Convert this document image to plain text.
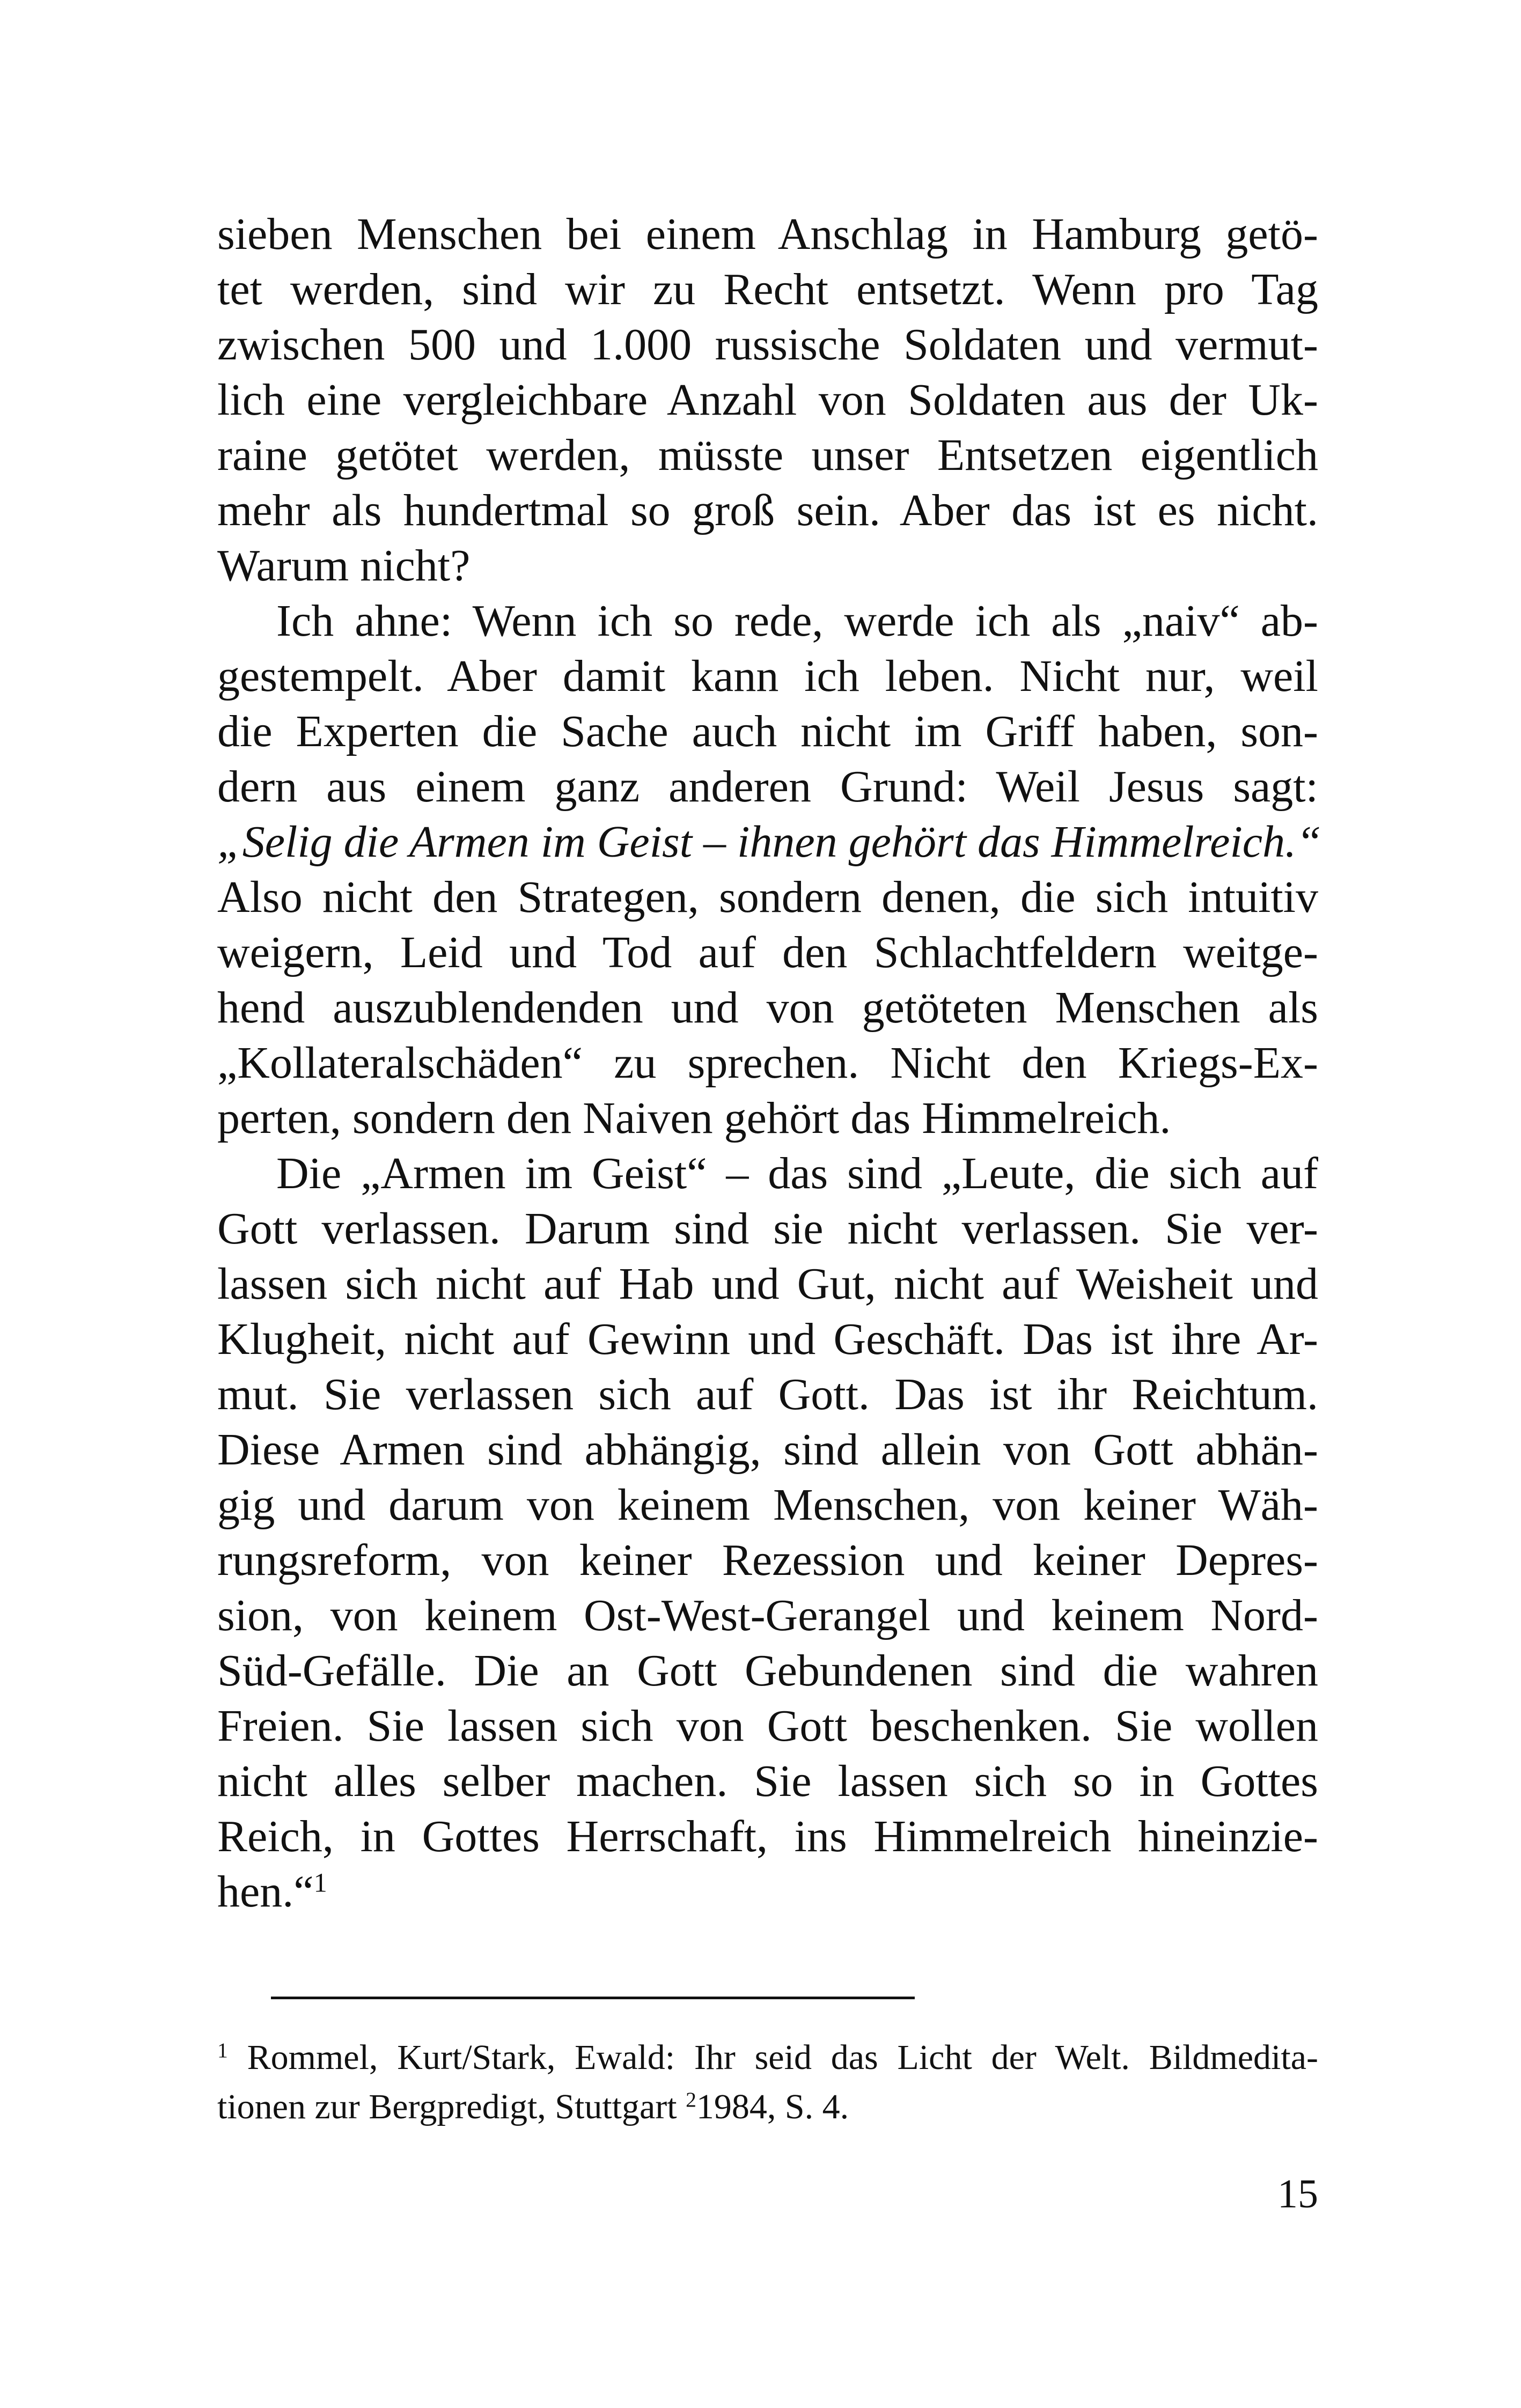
sieben Menschen bei einem Anschlag in Hamburg getö-
tet werden, sind wir zu Recht entsetzt. Wenn pro Tag
zwischen 500 und 1.000 russische Soldaten und vermut-
lich eine vergleichbare Anzahl von Soldaten aus der Uk-
raine getötet werden, müsste unser Entsetzen eigentlich
mehr als hundertmal so groß sein. Aber das ist es nicht.
Warum nicht?
Ich ahne: Wenn ich so rede, werde ich als „naiv“ ab-
gestempelt. Aber damit kann ich leben. Nicht nur, weil
die Experten die Sache auch nicht im Griff haben, son-
dern aus einem ganz anderen Grund: Weil Jesus sagt:
„Selig die Armen im Geist – ihnen gehört das Himmelreich.“
Also nicht den Strategen, sondern denen, die sich intuitiv
weigern, Leid und Tod auf den Schlachtfeldern weitge-
hend auszublendenden und von getöteten Menschen als
„Kollateralschäden“ zu sprechen. Nicht den Kriegs-Ex-
perten, sondern den Naiven gehört das Himmelreich.
Die „Armen im Geist“ – das sind „Leute, die sich auf
Gott verlassen. Darum sind sie nicht verlassen. Sie ver-
lassen sich nicht auf Hab und Gut, nicht auf Weisheit und
Klugheit, nicht auf Gewinn und Geschäft. Das ist ihre Ar-
mut. Sie verlassen sich auf Gott. Das ist ihr Reichtum.
Diese Armen sind abhängig, sind allein von Gott abhän-
gig und darum von keinem Menschen, von keiner Wäh-
rungsreform, von keiner Rezession und keiner Depres-
sion, von keinem Ost-West-Gerangel und keinem Nord-
Süd-Gefälle. Die an Gott Gebundenen sind die wahren
Freien. Sie lassen sich von Gott beschenken. Sie wollen
nicht alles selber machen. Sie lassen sich so in Gottes
Reich, in Gottes Herrschaft, ins Himmelreich hineinzie-
hen.“$^1$
$^1$ Rommel, Kurt/Stark, Ewald: Ihr seid das Licht der Welt. Bildmedita-
tionen zur Bergpredigt, Stuttgart $^2$1984, S. 4.
15
